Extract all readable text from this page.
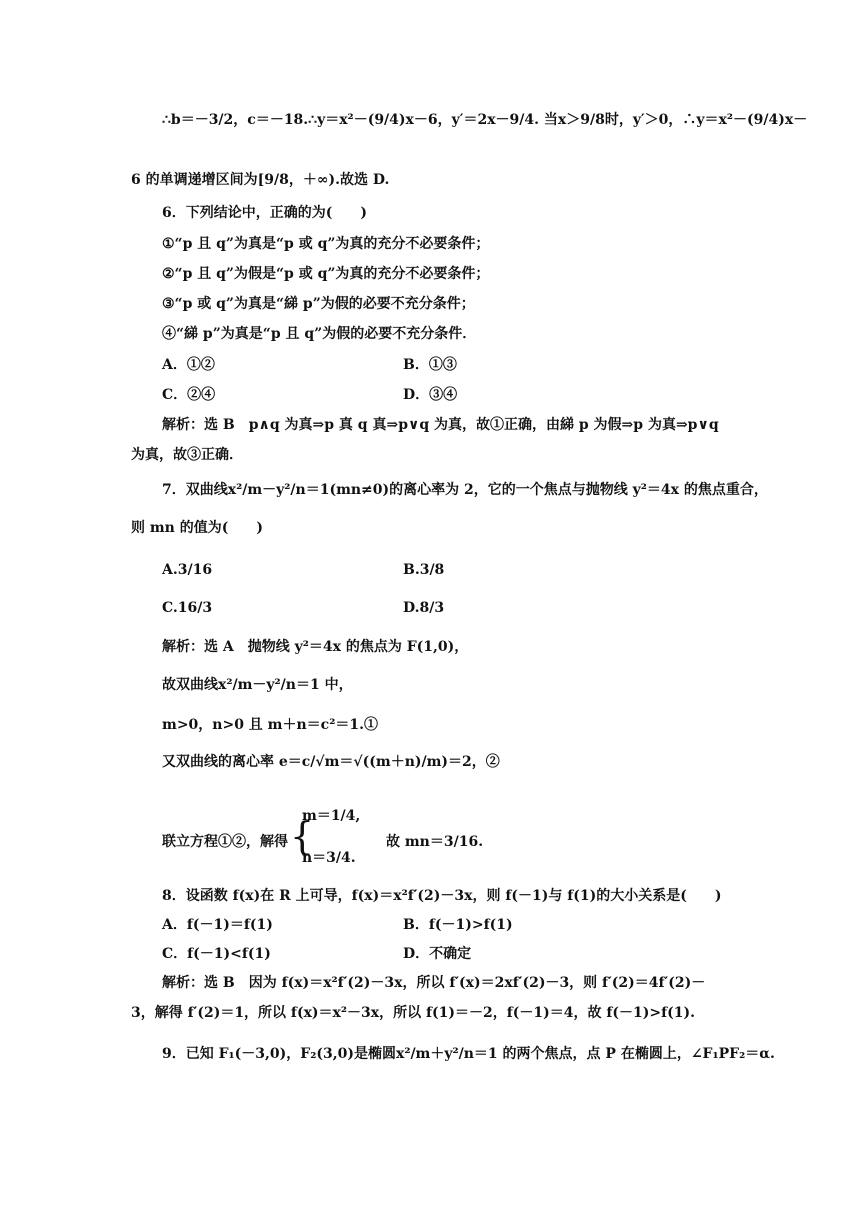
∴b＝－3/2，c＝－18.∴y＝x²－(9/4)x－6，y′＝2x－9/4. 当x＞9/8时，y′＞0，∴y＝x²－(9/4)x－
6 的单调递增区间为[9/8，＋∞).故选 D.
6．下列结论中，正确的为(　　)
①“p 且 q”为真是“p 或 q”为真的充分不必要条件；
②“p 且 q”为假是“p 或 q”为真的充分不必要条件；
③“p 或 q”为真是“綈 p”为假的必要不充分条件；
④“綈 p”为真是“p 且 q”为假的必要不充分条件．
A．①②	B．①③
C．②④	D．③④
解析：选 B　p∧q 为真⇒p 真 q 真⇒p∨q 为真，故①正确，由綈 p 为假⇒p 为真⇒p∨q
为真，故③正确．
7．双曲线x²/m－y²/n＝1(mn≠0)的离心率为 2，它的一个焦点与抛物线 y²＝4x 的焦点重合，
则 mn 的值为(　　)
A.3/16	B.3/8
C.16/3	D.8/3
解析：选 A　抛物线 y²＝4x 的焦点为 F(1,0)，
故双曲线x²/m－y²/n＝1 中，
m>0，n>0 且 m＋n＝c²＝1.①
又双曲线的离心率 e＝c/√m＝√((m＋n)/m)＝2，②
联立方程①②，解得 {
m＝1/4,
n＝3/4.
故 mn＝3/16.
8．设函数 f(x)在 R 上可导，f(x)＝x²f′(2)－3x，则 f(－1)与 f(1)的大小关系是(　　)
A．f(－1)＝f(1)	B．f(－1)>f(1)
C．f(－1)<f(1)	D．不确定
解析：选 B　因为 f(x)＝x²f′(2)－3x，所以 f′(x)＝2xf′(2)－3，则 f′(2)＝4f′(2)－
3，解得 f′(2)＝1，所以 f(x)＝x²－3x，所以 f(1)＝－2，f(－1)＝4，故 f(－1)>f(1).
9．已知 F₁(－3,0)，F₂(3,0)是椭圆x²/m＋y²/n＝1 的两个焦点，点 P 在椭圆上，∠F₁PF₂＝α.
